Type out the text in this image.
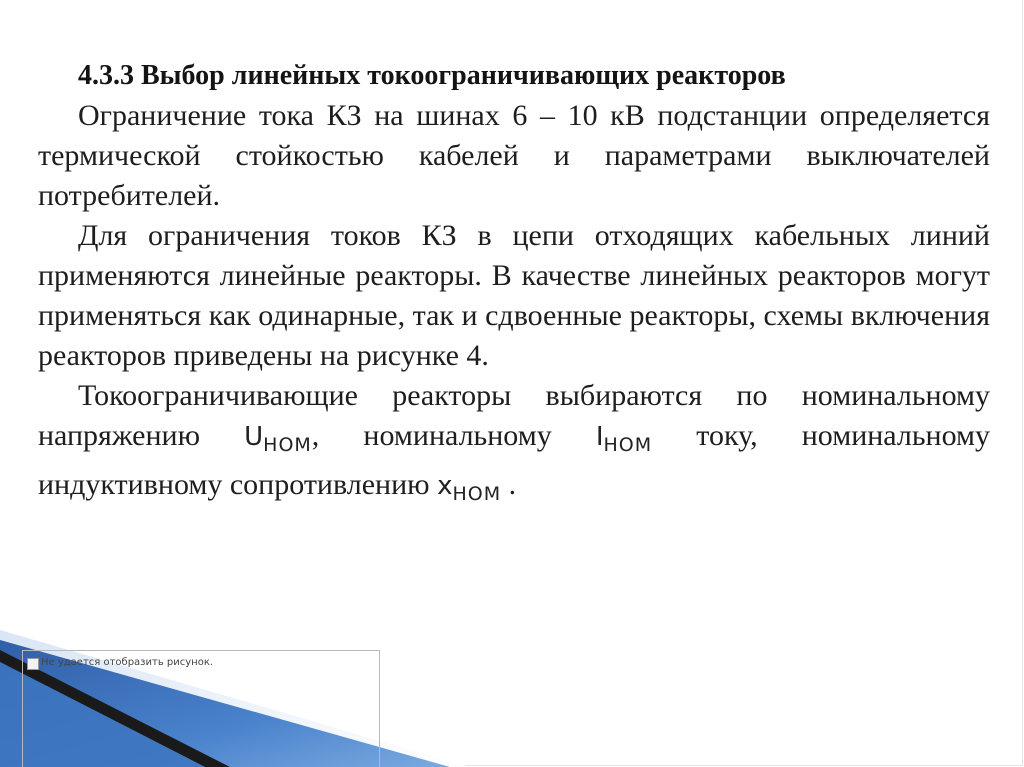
Не удается отобразить рисунок.

4.3.3 Выбор линейных токоограничивающих реакторов

Ограничение тока КЗ на шинах 6 – 10 кВ подстанции определяется термической стойкостью кабелей и параметрами выключателей потребителей.

Для ограничения токов КЗ в цепи отходящих кабельных линий применяются линейные реакторы. В качестве линейных реакторов могут применяться как одинарные, так и сдвоенные реакторы, схемы включения реакторов приведены на рисунке 4.

Токоограничивающие реакторы выбираются по номинальному напряжению $U_{НОМ}$, номинальному $I_{НОМ}$ току, номинальному индуктивному сопротивлению $x_{НОМ}$ .
